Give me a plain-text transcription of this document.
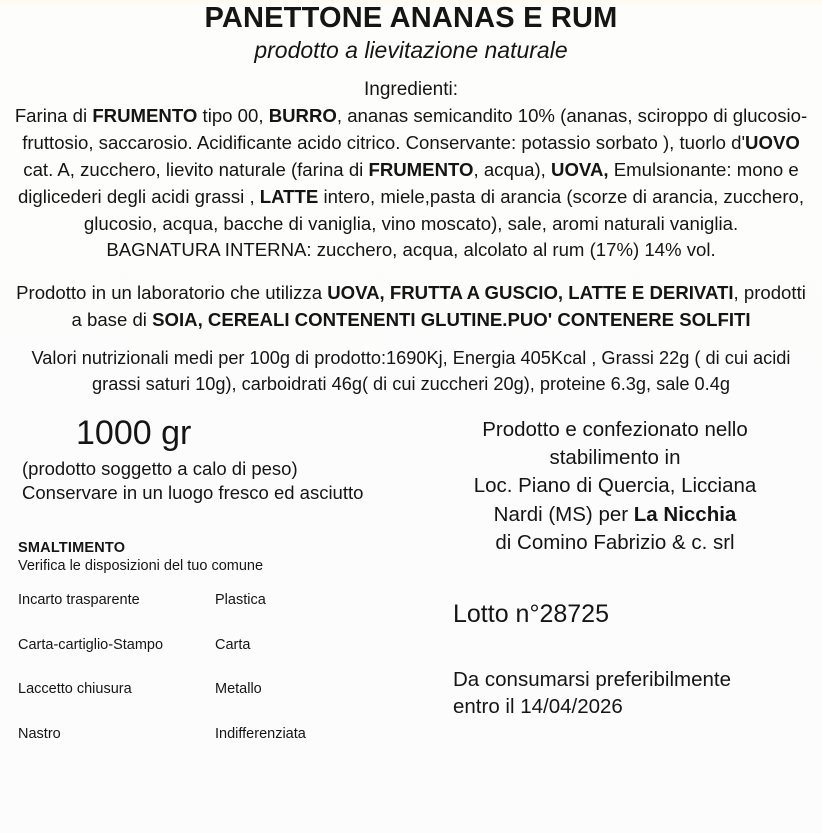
PANETTONE ANANAS E RUM
prodotto a lievitazione naturale
Ingredienti:
Farina di FRUMENTO tipo 00, BURRO, ananas semicandito 10% (ananas, sciroppo di glucosio-fruttosio, saccarosio. Acidificante acido citrico. Conservante: potassio sorbato ), tuorlo d'UOVO cat. A, zucchero, lievito naturale (farina di FRUMENTO, acqua), UOVA, Emulsionante: mono e diglicederi degli acidi grassi , LATTE intero, miele,pasta di arancia (scorze di arancia, zucchero, glucosio, acqua, bacche di vaniglia, vino moscato), sale, aromi naturali vaniglia.
BAGNATURA INTERNA: zucchero, acqua, alcolato al rum (17%) 14% vol.
Prodotto in un laboratorio che utilizza UOVA, FRUTTA A GUSCIO, LATTE E DERIVATI, prodotti a base di SOIA, CEREALI CONTENENTI GLUTINE.PUO' CONTENERE SOLFITI
Valori nutrizionali medi per 100g di prodotto:1690Kj, Energia 405Kcal , Grassi 22g ( di cui acidi grassi saturi 10g), carboidrati 46g( di cui zuccheri 20g), proteine 6.3g, sale 0.4g
1000 gr
(prodotto soggetto a calo di peso)
Conservare in un luogo fresco ed asciutto
SMALTIMENTO
Verifica le disposizioni del tuo comune
Incarto trasparente	Plastica
Carta-cartiglio-Stampo	Carta
Laccetto chiusura	Metallo
Nastro	Indifferenziata
Prodotto e confezionato nello
stabilimento in
Loc. Piano di Quercia, Licciana
Nardi (MS) per La Nicchia
di Comino Fabrizio & c. srl
Lotto n°28725
Da consumarsi preferibilmente
entro il 14/04/2026
